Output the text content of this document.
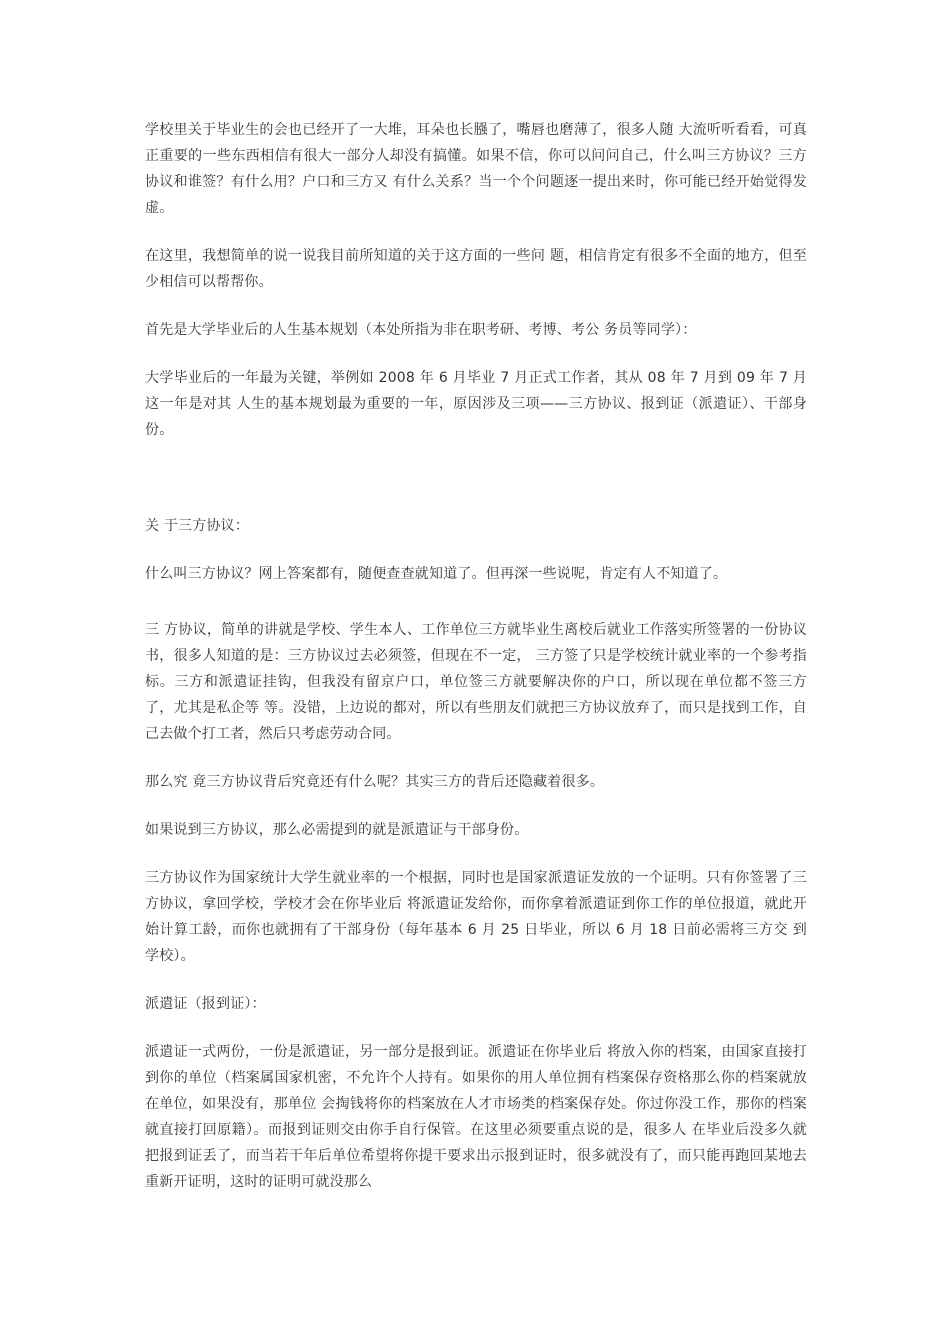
学校里关于毕业生的会也已经开了一大堆，耳朵也长膙了，嘴唇也磨薄了，很多人随 大流听听看看，可真正重要的一些东西相信有很大一部分人却没有搞懂。如果不信，你可以问问自己，什么叫三方协议？三方协议和谁签？有什么用？户口和三方又 有什么关系？当一个个问题逐一提出来时，你可能已经开始觉得发虚。

在这里，我想简单的说一说我目前所知道的关于这方面的一些问 题，相信肯定有很多不全面的地方，但至少相信可以帮帮你。

首先是大学毕业后的人生基本规划（本处所指为非在职考研、考博、考公 务员等同学）：

大学毕业后的一年最为关键，举例如 2008 年 6 月毕业 7 月正式工作者，其从 08 年 7 月到 09 年 7 月这一年是对其 人生的基本规划最为重要的一年，原因涉及三项——三方协议、报到证（派遣证）、干部身份。

关 于三方协议：

什么叫三方协议？网上答案都有，随便查查就知道了。但再深一些说呢，肯定有人不知道了。

三 方协议，简单的讲就是学校、学生本人、工作单位三方就毕业生离校后就业工作落实所签署的一份协议书，很多人知道的是：三方协议过去必须签，但现在不一定， 三方签了只是学校统计就业率的一个参考指标。三方和派遣证挂钩，但我没有留京户口，单位签三方就要解决你的户口，所以现在单位都不签三方了，尤其是私企等 等。没错，上边说的都对，所以有些朋友们就把三方协议放弃了，而只是找到工作，自己去做个打工者，然后只考虑劳动合同。

那么究 竟三方协议背后究竟还有什么呢？其实三方的背后还隐藏着很多。

如果说到三方协议，那么必需提到的就是派遣证与干部身份。

三方协议作为国家统计大学生就业率的一个根据，同时也是国家派遣证发放的一个证明。只有你签署了三方协议，拿回学校，学校才会在你毕业后 将派遣证发给你，而你拿着派遣证到你工作的单位报道，就此开始计算工龄，而你也就拥有了干部身份（每年基本 6 月 25 日毕业，所以 6 月 18 日前必需将三方交 到学校）。

派遣证（报到证）：

派遣证一式两份，一份是派遣证，另一部分是报到证。派遣证在你毕业后 将放入你的档案，由国家直接打到你的单位（档案属国家机密，不允许个人持有。如果你的用人单位拥有档案保存资格那么你的档案就放在单位，如果没有，那单位 会掏钱将你的档案放在人才市场类的档案保存处。你过你没工作，那你的档案就直接打回原籍）。而报到证则交由你手自行保管。在这里必须要重点说的是，很多人 在毕业后没多久就把报到证丢了，而当若干年后单位希望将你提干要求出示报到证时，很多就没有了，而只能再跑回某地去重新开证明，这时的证明可就没那么
